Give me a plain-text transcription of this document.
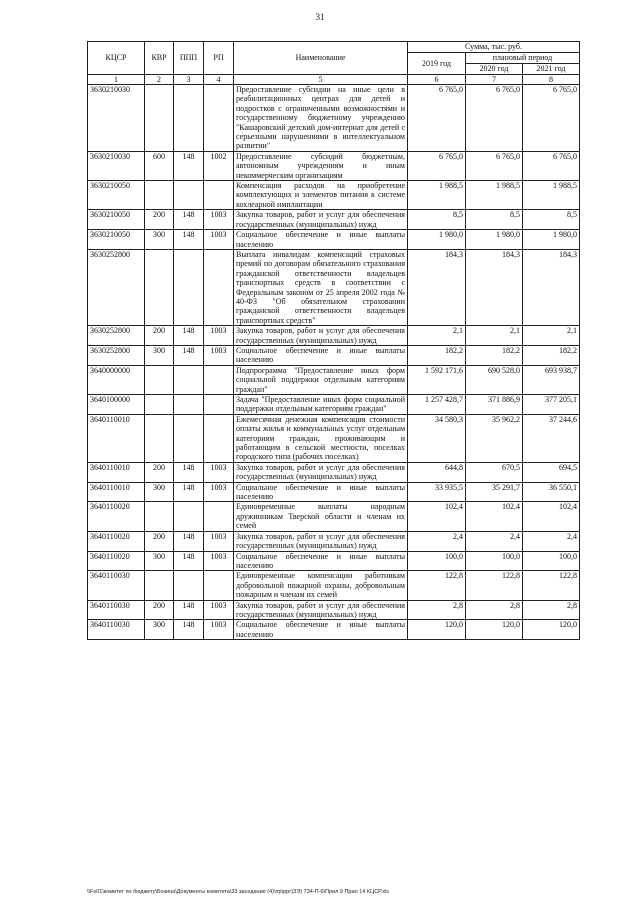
31
КЦСР	КВР	ППП	РП	Наименование	Сумма, тыс. руб.		
					2019 год	плановый период	
						2020 год	2021 год
1	2	3	4	5	6	7	8
3630210030				Предоставление субсидии на иные цели в реабилитационных центрах для детей и подростков с ограниченными возможностями и государственному бюджетному учреждению "Кашаровский детский дом-интернат для детей с серьезными нарушениями в интеллектуальном развитии"	6 765,0	6 765,0	6 765,0
3630210030	600	148	1002	Предоставление субсидий бюджетным, автономным учреждениям и иным некоммерческим организациям	6 765,0	6 765,0	6 765,0
3630210050				Компенсация расходов на приобретение комплектующих и элементов питания к системе кохлеарной имплантации	1 988,5	1 988,5	1 988,5
3630210050	200	148	1003	Закупка товаров, работ и услуг для обеспечения государственных (муниципальных) нужд	8,5	8,5	8,5
3630210050	300	148	1003	Социальное обеспечение и иные выплаты населению	1 980,0	1 980,0	1 980,0
3630252800				Выплата инвалидам компенсаций страховых премий по договорам обязательного страхования гражданской ответственности владельцев транспортных средств в соответствии с Федеральным законом от 25 апреля 2002 года № 40-ФЗ "Об обязательном страховании гражданской ответственности владельцев транспортных средств"	184,3	184,3	184,3
3630252800	200	148	1003	Закупка товаров, работ и услуг для обеспечения государственных (муниципальных) нужд	2,1	2,1	2,1
3630252800	300	148	1003	Социальное обеспечение и иные выплаты населению	182,2	182,2	182,2
3640000000				Подпрограмма "Предоставление иных форм социальной поддержки отдельным категориям граждан"	1 592 171,6	690 528,0	693 938,7
3640100000				Задача "Предоставление иных форм социальной поддержки отдельным категориям граждан"	1 257 428,7	371 886,9	377 205,1
3640110010				Ежемесячная денежная компенсация стоимости оплаты жилья и коммунальных услуг отдельным категориям граждан, проживающим и работающим в сельской местности, поселках городского типа (рабочих поселках)	34 580,3	35 962,2	37 244,6
3640110010	200	148	1003	Закупка товаров, работ и услуг для обеспечения государственных (муниципальных) нужд	644,8	670,5	694,5
3640110010	300	148	1003	Социальное обеспечение и иные выплаты населению	33 935,5	35 291,7	36 550,1
3640110020				Единовременные выплаты народным дружинникам Тверской области и членам их семей	102,4	102,4	102,4
3640110020	200	148	1003	Закупка товаров, работ и услуг для обеспечения государственных (муниципальных) нужд	2,4	2,4	2,4
3640110020	300	148	1003	Социальное обеспечение и иные выплаты населению	100,0	100,0	100,0
3640110030				Единовременные компенсации работникам добровольной пожарной охраны, добровольным пожарным и членам их семей	122,8	122,8	122,8
3640110030	200	148	1003	Закупка товаров, работ и услуг для обеспечения государственных (муниципальных) нужд	2,8	2,8	2,8
3640110030	300	148	1003	Социальное обеспечение и иные выплаты населению	120,0	120,0	120,0
\\Fs01\комитет по бюджету\Бозина\Документы комитета\33 заседание (4)\пр\ррг)ЗЭ) 734-П-6\Прил 9 Прил 14 КЦСР.xls
